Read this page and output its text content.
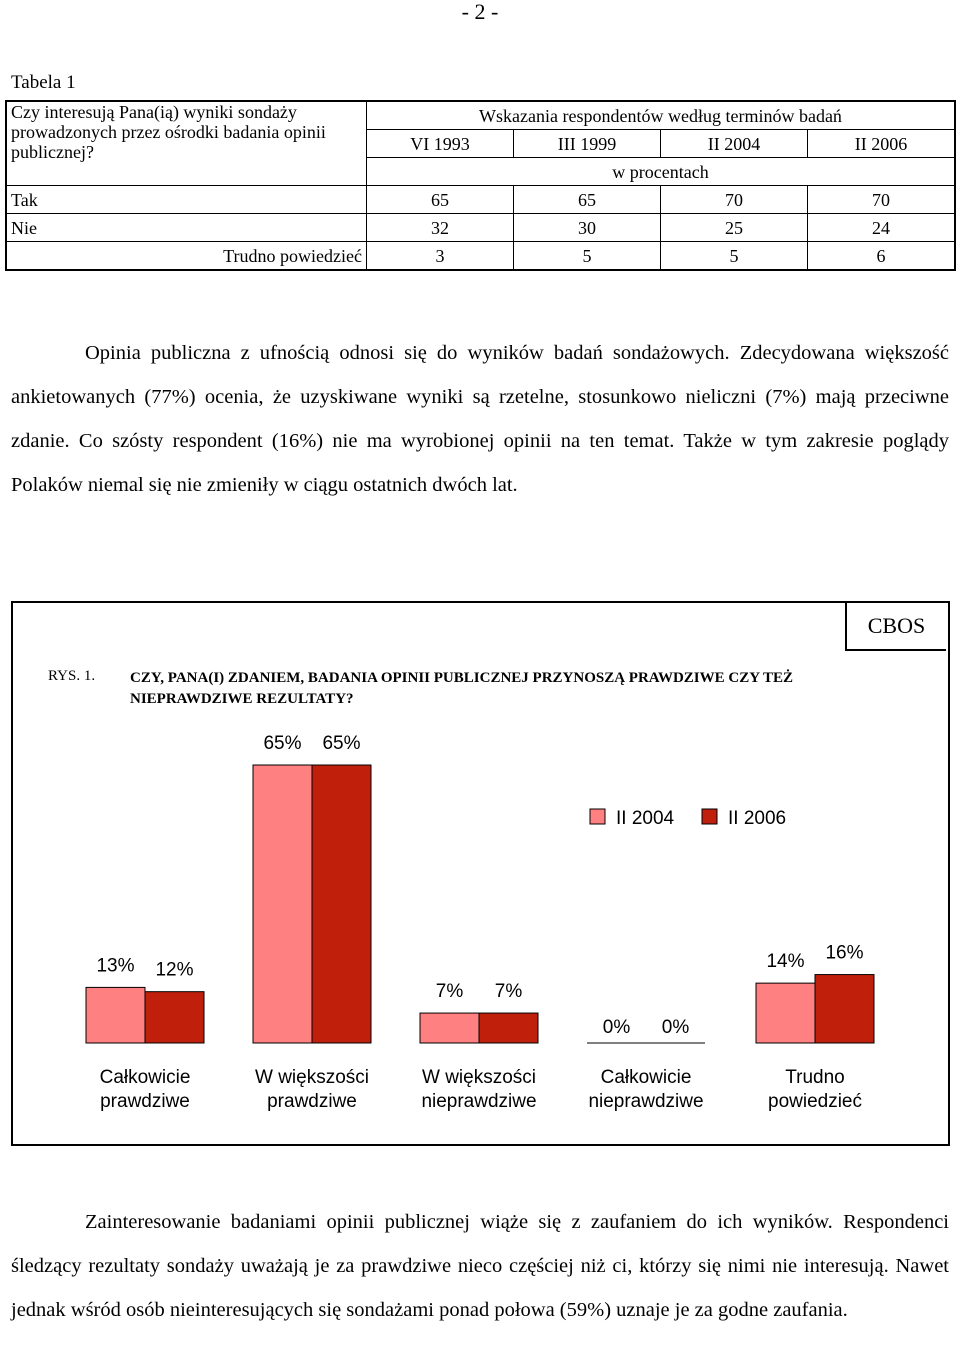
- 2 -
Tabela 1
Czy interesują Pana(ią) wyniki sondaży prowadzonych przez ośrodki badania opinii publicznej?	Wskazania respondentów według terminów badań			
	VI 1993	III 1999	II 2004	II 2006
	w procentach			
Tak	65	65	70	70
Nie	32	30	25	24
Trudno powiedzieć	3	5	5	6

Opinia publiczna z ufnością odnosi się do wyników badań sondażowych. Zdecydowana większość ankietowanych (77%) ocenia, że uzyskiwane wyniki są rzetelne, stosunkowo nieliczni (7%) mają przeciwne zdanie. Co szósty respondent (16%) nie ma wyrobionej opinii na ten temat. Także w tym zakresie poglądy Polaków niemal się nie zmieniły w ciągu ostatnich dwóch lat.

CBOS
RYS. 1. CZY, PANA(I) ZDANIEM, BADANIA OPINII PUBLICZNEJ PRZYNOSZĄ PRAWDZIWE CZY TEŻ NIEPRAWDZIWE REZULTATY?
13% 12%
Całkowicie
prawdziwe
65% 65%
W większości
prawdziwe
7% 7%
W większości
nieprawdziwe
0% 0%
Całkowicie
nieprawdziwe
14% 16%
Trudno
powiedzieć
II 2004	II 2006

Zainteresowanie badaniami opinii publicznej wiąże się z zaufaniem do ich wyników. Respondenci śledzący rezultaty sondaży uważają je za prawdziwe nieco częściej niż ci, którzy się nimi nie interesują. Nawet jednak wśród osób nieinteresujących się sondażami ponad połowa (59%) uznaje je za godne zaufania.
